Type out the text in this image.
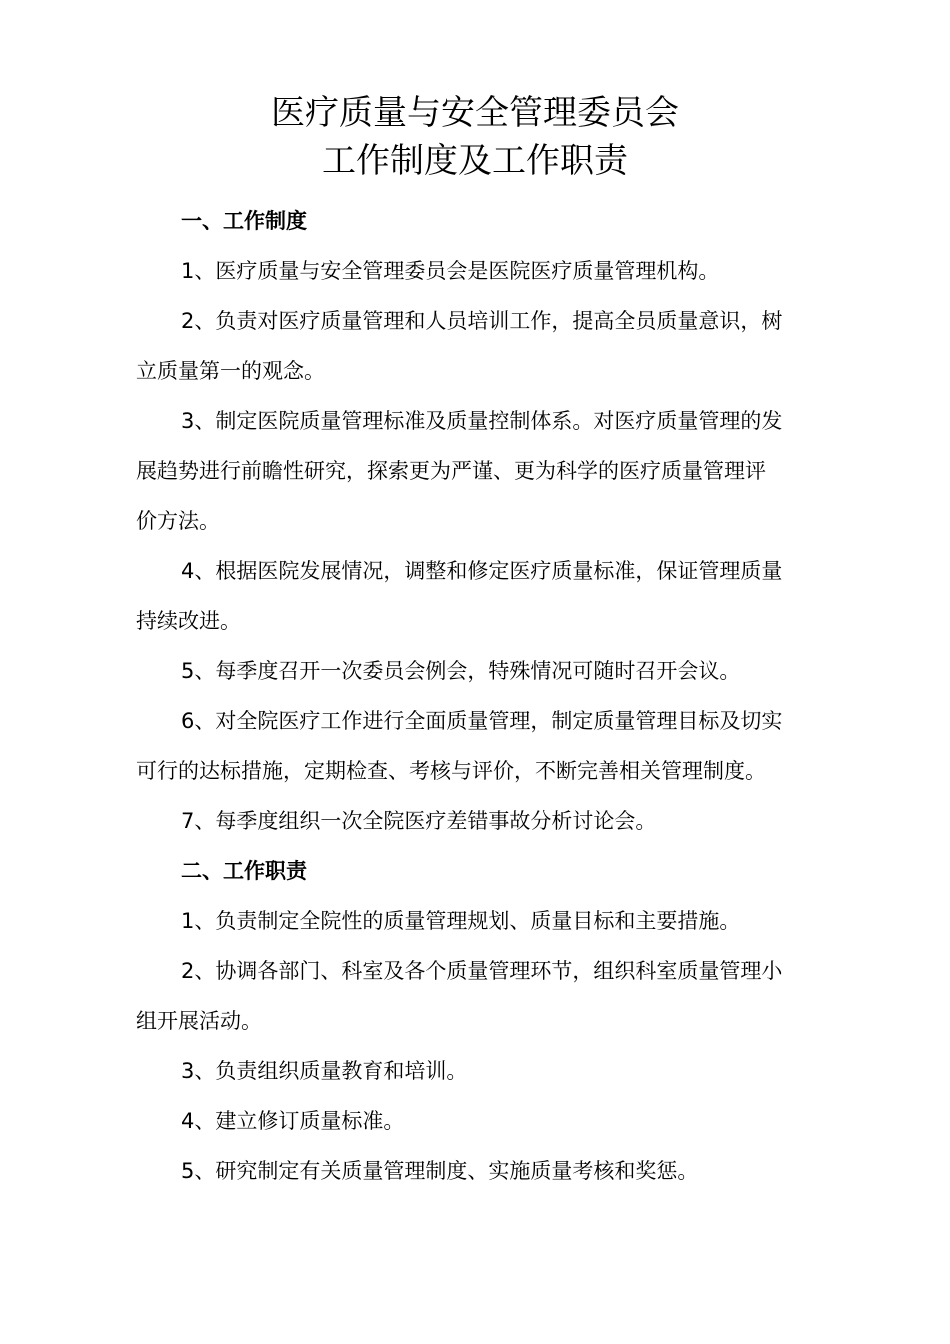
医疗质量与安全管理委员会
工作制度及工作职责
一、工作制度
1、医疗质量与安全管理委员会是医院医疗质量管理机构。
2、负责对医疗质量管理和人员培训工作，提高全员质量意识，树
立质量第一的观念。
3、制定医院质量管理标准及质量控制体系。对医疗质量管理的发
展趋势进行前瞻性研究，探索更为严谨、更为科学的医疗质量管理评
价方法。
4、根据医院发展情况，调整和修定医疗质量标准，保证管理质量
持续改进。
5、每季度召开一次委员会例会，特殊情况可随时召开会议。
6、对全院医疗工作进行全面质量管理，制定质量管理目标及切实
可行的达标措施，定期检查、考核与评价，不断完善相关管理制度。
7、每季度组织一次全院医疗差错事故分析讨论会。
二、工作职责
1、负责制定全院性的质量管理规划、质量目标和主要措施。
2、协调各部门、科室及各个质量管理环节，组织科室质量管理小
组开展活动。
3、负责组织质量教育和培训。
4、建立修订质量标准。
5、研究制定有关质量管理制度、实施质量考核和奖惩。
